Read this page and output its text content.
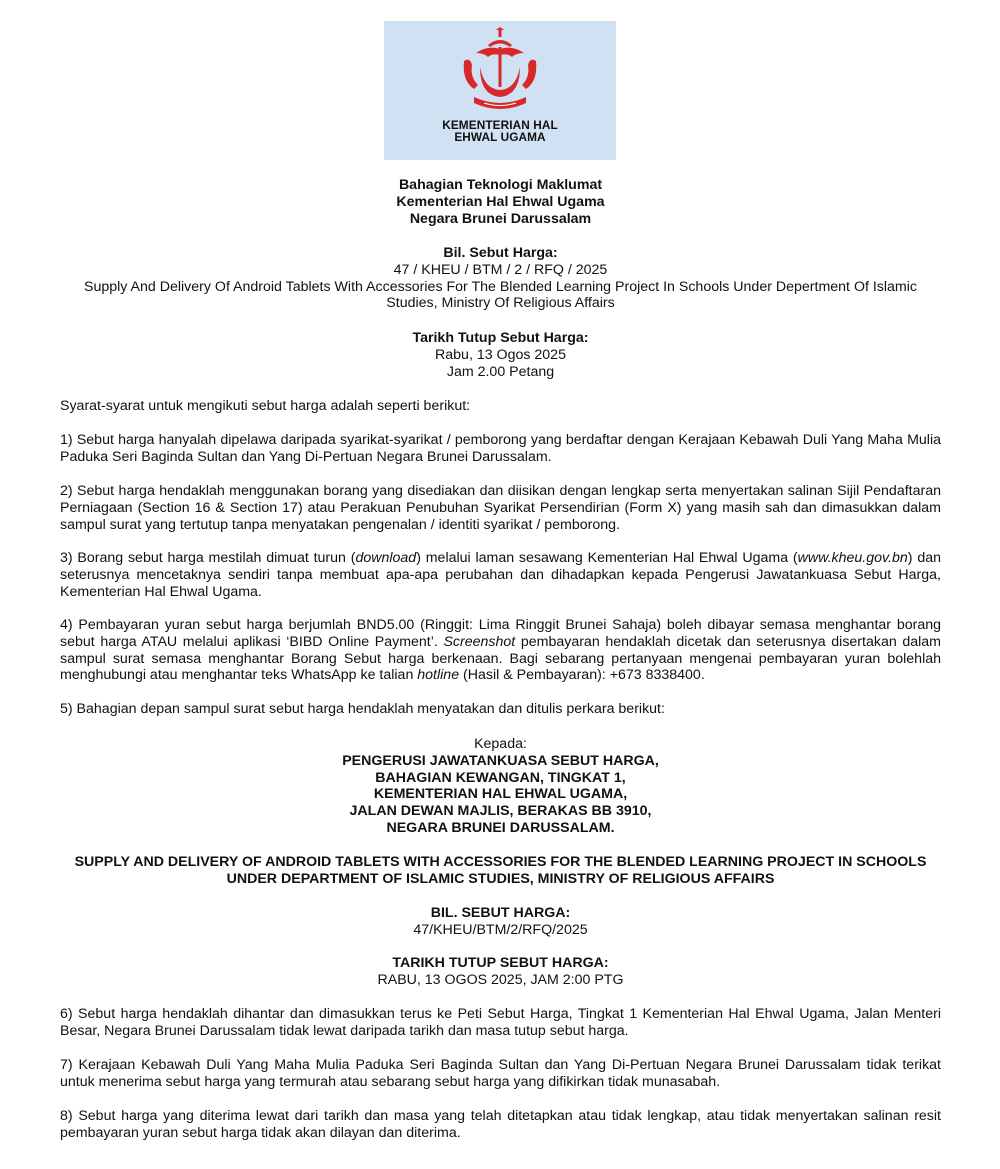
KEMENTERIAN HAL
EHWAL UGAMA
Bahagian Teknologi Maklumat
Kementerian Hal Ehwal Ugama
Negara Brunei Darussalam
Bil. Sebut Harga:
47 / KHEU / BTM / 2 / RFQ / 2025
Supply And Delivery Of Android Tablets With Accessories For The Blended Learning Project In Schools Under Depertment Of Islamic Studies, Ministry Of Religious Affairs
Tarikh Tutup Sebut Harga:
Rabu, 13 Ogos 2025
Jam 2.00 Petang

Syarat-syarat untuk mengikuti sebut harga adalah seperti berikut:

1) Sebut harga hanyalah dipelawa daripada syarikat-syarikat / pemborong yang berdaftar dengan Kerajaan Kebawah Duli Yang Maha Mulia Paduka Seri Baginda Sultan dan Yang Di-Pertuan Negara Brunei Darussalam.

2) Sebut harga hendaklah menggunakan borang yang disediakan dan diisikan dengan lengkap serta menyertakan salinan Sijil Pendaftaran Perniagaan (Section 16 & Section 17) atau Perakuan Penubuhan Syarikat Persendirian (Form X) yang masih sah dan dimasukkan dalam sampul surat yang tertutup tanpa menyatakan pengenalan / identiti syarikat / pemborong.

3) Borang sebut harga mestilah dimuat turun (download) melalui laman sesawang Kementerian Hal Ehwal Ugama (www.kheu.gov.bn) dan seterusnya mencetaknya sendiri tanpa membuat apa-apa perubahan dan dihadapkan kepada Pengerusi Jawatankuasa Sebut Harga, Kementerian Hal Ehwal Ugama.

4) Pembayaran yuran sebut harga berjumlah BND5.00 (Ringgit: Lima Ringgit Brunei Sahaja) boleh dibayar semasa menghantar borang sebut harga ATAU melalui aplikasi ‘BIBD Online Payment’. Screenshot pembayaran hendaklah dicetak dan seterusnya disertakan dalam sampul surat semasa menghantar Borang Sebut harga berkenaan. Bagi sebarang pertanyaan mengenai pembayaran yuran bolehlah menghubungi atau menghantar teks WhatsApp ke talian hotline (Hasil & Pembayaran): +673 8338400.

5) Bahagian depan sampul surat sebut harga hendaklah menyatakan dan ditulis perkara berikut:

Kepada:
PENGERUSI JAWATANKUASA SEBUT HARGA,
BAHAGIAN KEWANGAN, TINGKAT 1,
KEMENTERIAN HAL EHWAL UGAMA,
JALAN DEWAN MAJLIS, BERAKAS BB 3910,
NEGARA BRUNEI DARUSSALAM.

SUPPLY AND DELIVERY OF ANDROID TABLETS WITH ACCESSORIES FOR THE BLENDED LEARNING PROJECT IN SCHOOLS UNDER DEPARTMENT OF ISLAMIC STUDIES, MINISTRY OF RELIGIOUS AFFAIRS

BIL. SEBUT HARGA:
47/KHEU/BTM/2/RFQ/2025
TARIKH TUTUP SEBUT HARGA:
RABU, 13 OGOS 2025, JAM 2:00 PTG

6) Sebut harga hendaklah dihantar dan dimasukkan terus ke Peti Sebut Harga, Tingkat 1 Kementerian Hal Ehwal Ugama, Jalan Menteri Besar, Negara Brunei Darussalam tidak lewat daripada tarikh dan masa tutup sebut harga.

7) Kerajaan Kebawah Duli Yang Maha Mulia Paduka Seri Baginda Sultan dan Yang Di-Pertuan Negara Brunei Darussalam tidak terikat untuk menerima sebut harga yang termurah atau sebarang sebut harga yang difikirkan tidak munasabah.

8) Sebut harga yang diterima lewat dari tarikh dan masa yang telah ditetapkan atau tidak lengkap, atau tidak menyertakan salinan resit pembayaran yuran sebut harga tidak akan dilayan dan diterima.
